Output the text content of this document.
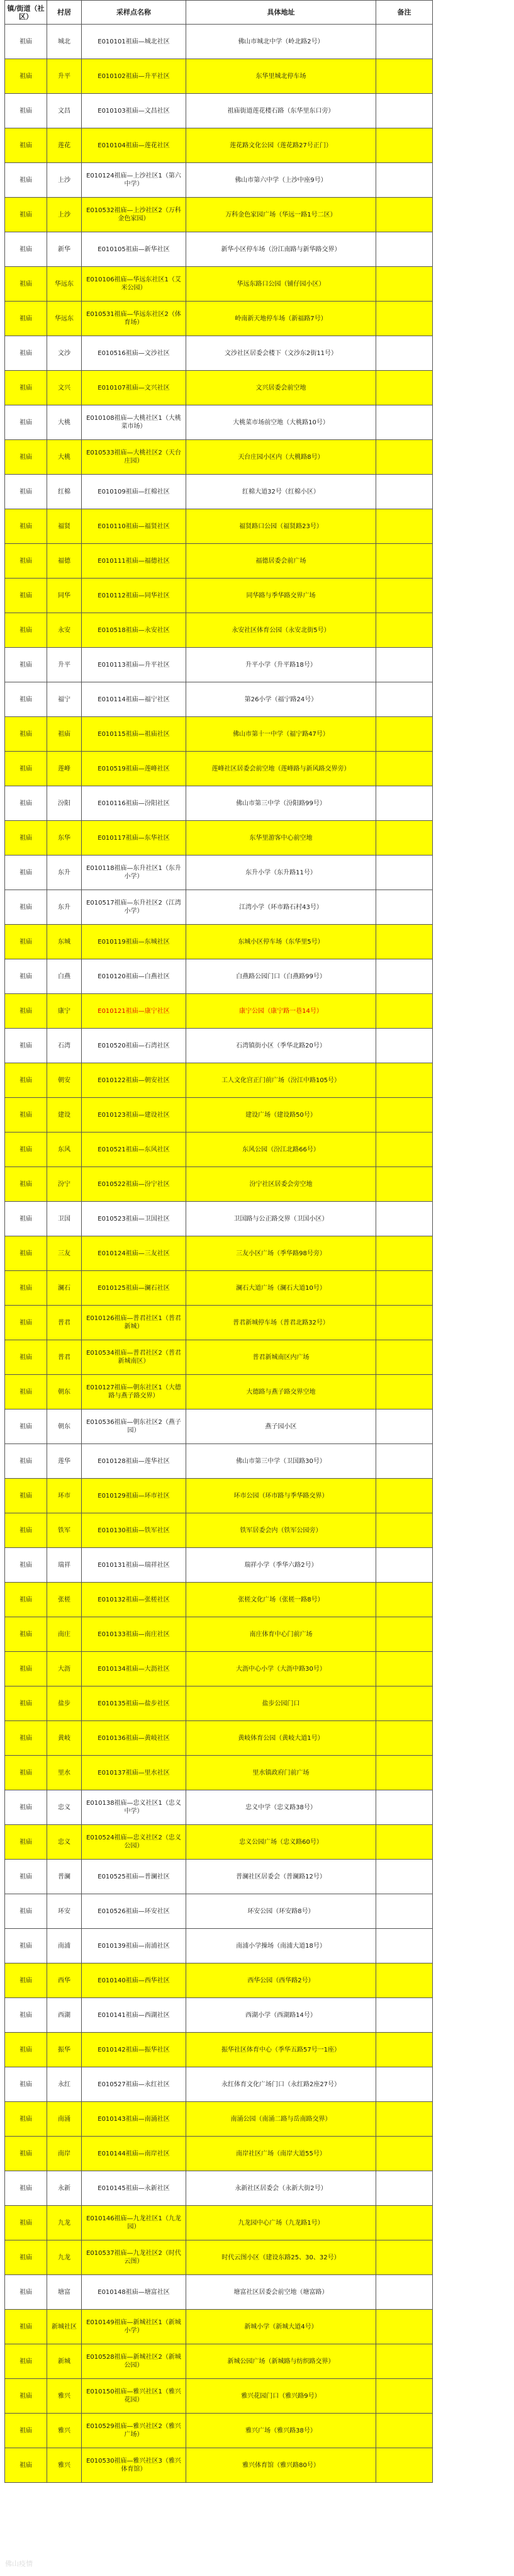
镇/街道（社区）	村居	采样点名称	具体地址	备注
祖庙	城北	E010101祖庙—城北社区	佛山市城北中学（岭北路2号）	
祖庙	升平	E010102祖庙—升平社区	东华里城北停车场	
祖庙	文昌	E010103祖庙—文昌社区	祖庙街道莲花楼石路（东华里东口旁）	
祖庙	莲花	E010104祖庙—莲花社区	莲花路文化公园（莲花路27号正门）	
祖庙	上沙	E010124祖庙—上沙社区1（第六中学）	佛山市第六中学（上沙中座9号）	
祖庙	上沙	E010532祖庙—上沙社区2（万科金色家园）	万科金色家园广场（华远一路1号二区）	
祖庙	新华	E010105祖庙—新华社区	新华小区停车场（汾江南路与新华路交界）	
祖庙	华远东	E010106祖庙—华远东社区1（艾米公园）	华远东路口公园（铺仔园小区）	
祖庙	华远东	E010531祖庙—华远东社区2（体育场）	岭南新天地停车场（新福路7号）	
祖庙	文沙	E010516祖庙—文沙社区	文沙社区居委会楼下（文沙东2街11号）	
祖庙	文兴	E010107祖庙—文兴社区	文兴居委会前空地	
祖庙	大桃	E010108祖庙—大桃社区1（大桃菜市场）	大桃菜市场前空地（大桃路10号）	
祖庙	大桃	E010533祖庙—大桃社区2（天台庄园）	天台庄园小区内（大桃路8号）	
祖庙	红棉	E010109祖庙—红棉社区	红棉大道32号（红棉小区）	
祖庙	福贤	E010110祖庙—福贤社区	福贤路口公园（福贤路23号）	
祖庙	福德	E010111祖庙—福德社区	福德居委会前广场	
祖庙	同华	E010112祖庙—同华社区	同华路与季华路交界广场	
祖庙	永安	E010518祖庙—永安社区	永安社区体育公园（永安北街5号）	
祖庙	升平	E010113祖庙—升平社区	升平小学（升平路18号）	
祖庙	福宁	E010114祖庙—福宁社区	第26小学（福宁路24号）	
祖庙	祖庙	E010115祖庙—祖庙社区	佛山市第十一中学（福宁路47号）	
祖庙	莲峰	E010519祖庙—莲峰社区	莲峰社区居委会前空地（莲峰路与新风路交界旁）	
祖庙	汾阳	E010116祖庙—汾阳社区	佛山市第三中学（汾阳路99号）	
祖庙	东华	E010117祖庙—东华社区	东华里游客中心前空地	
祖庙	东升	E010118祖庙—东升社区1（东升小学）	东升小学（东升路11号）	
祖庙	东升	E010517祖庙—东升社区2（江湾小学）	江湾小学（环市路石村43号）	
祖庙	东城	E010119祖庙—东城社区	东城小区停车场（东华里5号）	
祖庙	白燕	E010120祖庙—白燕社区	白燕路公园门口（白燕路99号）	
祖庙	康宁	E010121祖庙—康宁社区	康宁公园（康宁路一巷14号）	
祖庙	石湾	E010520祖庙—石湾社区	石湾镇街小区（季华北路20号）	
祖庙	朝安	E010122祖庙—朝安社区	工人文化宫正门前广场（汾江中路105号）	
祖庙	建设	E010123祖庙—建设社区	建设广场（建设路50号）	
祖庙	东风	E010521祖庙—东风社区	东风公园（汾江北路66号）	
祖庙	汾宁	E010522祖庙—汾宁社区	汾宁社区居委会旁空地	
祖庙	卫国	E010523祖庙—卫国社区	卫国路与公正路交界（卫国小区）	
祖庙	三友	E010124祖庙—三友社区	三友小区广场（季华路98号旁）	
祖庙	澜石	E010125祖庙—澜石社区	澜石大道广场（澜石大道10号）	
祖庙	普君	E010126祖庙—普君社区1（普君新城）	普君新城停车场（普君北路32号）	
祖庙	普君	E010534祖庙—普君社区2（普君新城南区）	普君新城南区内广场	
祖庙	朝东	E010127祖庙—朝东社区1（大德路与燕子路交界）	大德路与燕子路交界空地	
祖庙	朝东	E010536祖庙—朝东社区2（燕子园）	燕子园小区	
祖庙	莲华	E010128祖庙—莲华社区	佛山市第三中学（卫国路30号）	
祖庙	环市	E010129祖庙—环市社区	环市公园（环市路与季华路交界）	
祖庙	铁军	E010130祖庙—铁军社区	铁军居委会内（铁军公园旁）	
祖庙	瑞祥	E010131祖庙—瑞祥社区	瑞祥小学（季华六路2号）	
祖庙	张槎	E010132祖庙—张槎社区	张槎文化广场（张槎一路8号）	
祖庙	南庄	E010133祖庙—南庄社区	南庄体育中心门前广场	
祖庙	大沥	E010134祖庙—大沥社区	大沥中心小学（大沥中路30号）	
祖庙	盐步	E010135祖庙—盐步社区	盐步公园门口	
祖庙	黄岐	E010136祖庙—黄岐社区	黄岐体育公园（黄岐大道1号）	
祖庙	里水	E010137祖庙—里水社区	里水镇政府门前广场	
祖庙	忠义	E010138祖庙—忠义社区1（忠义中学）	忠义中学（忠义路38号）	
祖庙	忠义	E010524祖庙—忠义社区2（忠义公园）	忠义公园广场（忠义路60号）	
祖庙	普澜	E010525祖庙—普澜社区	普澜社区居委会（普澜路12号）	
祖庙	环安	E010526祖庙—环安社区	环安公园（环安路8号）	
祖庙	南浦	E010139祖庙—南浦社区	南浦小学操场（南浦大道18号）	
祖庙	西华	E010140祖庙—西华社区	西华公园（西华路2号）	
祖庙	西湖	E010141祖庙—西湖社区	西湖小学（西湖路14号）	
祖庙	振华	E010142祖庙—振华社区	振华社区体育中心（季华五路57号一1座）	
祖庙	永红	E010527祖庙—永红社区	永红体育文化广场门口（永红路2座27号）	
祖庙	南涌	E010143祖庙—南涌社区	南涌公园（南涌二路与岳南路交界）	
祖庙	南岸	E010144祖庙—南岸社区	南岸社区广场（南岸大道55号）	
祖庙	永新	E010145祖庙—永新社区	永新社区居委会（永新大街2号）	
祖庙	九龙	E010146祖庙—九龙社区1（九龙园）	九龙园中心广场（九龙路1号）	
祖庙	九龙	E010537祖庙—九龙社区2（时代云图）	时代云图小区（建设东路25、30、32号）	
祖庙	塘富	E010148祖庙—塘富社区	塘富社区居委会前空地（塘富路）	
祖庙	新城社区	E010149祖庙—新城社区1（新城小学）	新城小学（新城大道4号）	
祖庙	新城	E010528祖庙—新城社区2（新城公园）	新城公园广场（新城路与纺织路交界）	
祖庙	雅兴	E010150祖庙—雅兴社区1（雅兴花园）	雅兴花园门口（雅兴路9号）	
祖庙	雅兴	E010529祖庙—雅兴社区2（雅兴广场）	雅兴广场（雅兴路38号）	
祖庙	雅兴	E010530祖庙—雅兴社区3（雅兴体育馆）	雅兴体育馆（雅兴路80号）	
佛山疫情
